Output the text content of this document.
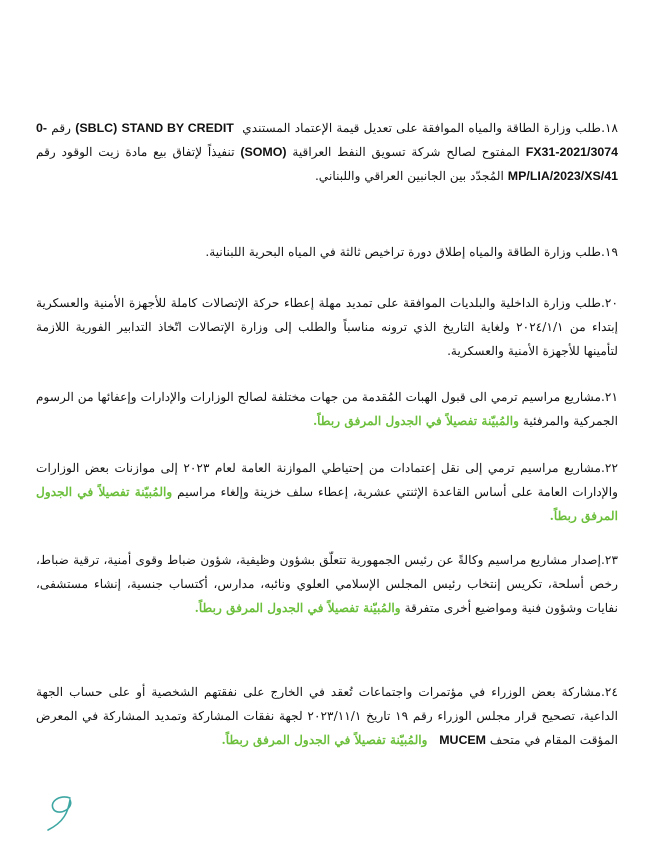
١٨.طلب وزارة الطاقة والمياه الموافقة على تعديل قيمة الإعتماد المستندي  STAND BY CREDIT (SBLC) رقم 0-FX31-2021/3074 المفتوح لصالح شركة تسويق النفط العراقية (SOMO) تنفيذاً لإتفاق بيع مادة زيت الوقود رقم MP/LIA/2023/XS/41 المُجدّد بين الجانبين العراقي واللبناني.

١٩.طلب وزارة الطاقة والمياه إطلاق دورة تراخيص ثالثة في المياه البحرية اللبنانية.

٢٠.طلب وزارة الداخلية والبلديات الموافقة على تمديد مهلة إعطاء حركة الإتصالات كاملة للأجهزة الأمنية والعسكرية إبتداء من ٢٠٢٤/١/١ ولغاية التاريخ الذي ترونه مناسباً والطلب إلى وزارة الإتصالات اتّخاذ التدابير الفورية اللازمة لتأمينها للأجهزة الأمنية والعسكرية.

٢١.مشاريع مراسيم ترمي الى قبول الهبات المُقدمة من جهات مختلفة لصالح الوزارات والإدارات وإعفائها من الرسوم الجمركية والمرفئية والمُبيّنة تفصيلاً في الجدول المرفق ربطاً.

٢٢.مشاريع مراسيم ترمي إلى نقل إعتمادات من إحتياطي الموازنة العامة لعام ٢٠٢٣ إلى موازنات بعض الوزارات والإدارات العامة على أساس القاعدة الإثنتي عشرية، إعطاء سلف خزينة وإلغاء مراسيم والمُبيّنة تفصيلاً في الجدول المرفق ربطاً.

٢٣.إصدار مشاريع مراسيم وكالةً عن رئيس الجمهورية تتعلّق بشؤون وظيفية، شؤون ضباط وقوى أمنية، ترقية ضباط، رخص أسلحة، تكريس إنتخاب رئيس المجلس الإسلامي العلوي ونائبه، مدارس، أكتساب جنسية، إنشاء مستشفى، نفايات وشؤون فنية ومواضيع أخرى متفرقة والمُبيّنة تفصيلاً في الجدول المرفق ربطاً.

٢٤.مشاركة بعض الوزراء في مؤتمرات واجتماعات تُعقد في الخارج على نفقتهم الشخصية أو على حساب الجهة الداعية، تصحيح قرار مجلس الوزراء رقم ١٩ تاريخ ٢٠٢٣/١١/١ لجهة نفقات المشاركة وتمديد المشاركة في المعرض المؤقت المقام في متحف MUCEM   والمُبيّنة تفصيلاً في الجدول المرفق ربطاً.
